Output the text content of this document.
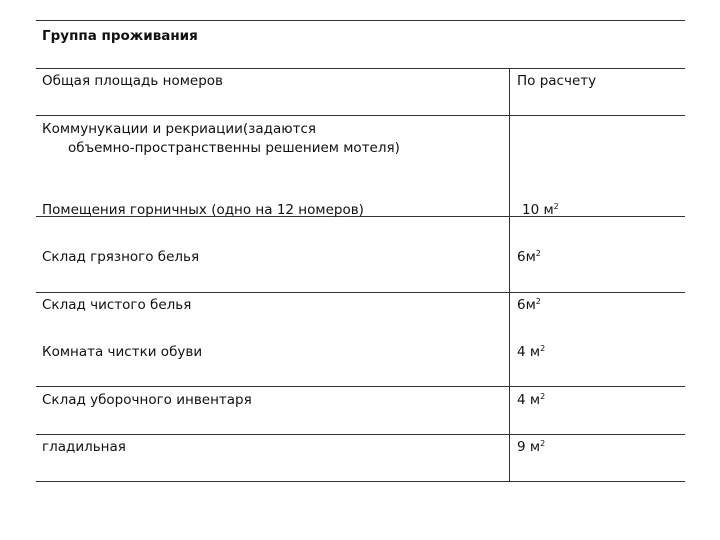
Группа проживания
Общая площадь номеров	По расчету
Коммунукации и рекриации(задаются
объемно-пространственны решением мотеля)
Помещения горничных (одно на 12 номеров)	10 $м^2$
Склад грязного белья	$6м^2$
Склад чистого белья	$6м^2$
Комната чистки обуви	4 $м^2$
Склад уборочного инвентаря	4 $м^2$
гладильная	9 $м^2$
